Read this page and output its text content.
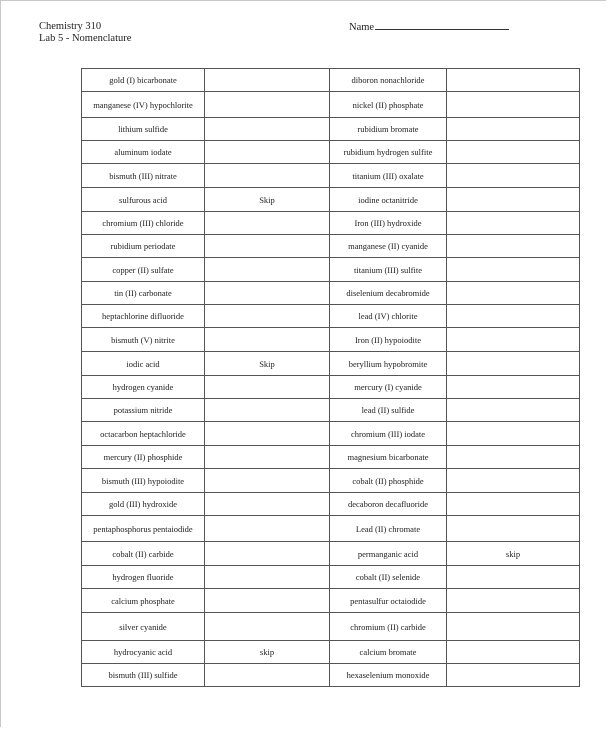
Chemistry 310
Lab 5 - Nomenclature
Name
gold (I) bicarbonate		diboron nonachloride	
manganese (IV) hypochlorite		nickel (II) phosphate	
lithium sulfide		rubidium bromate	
aluminum iodate		rubidium hydrogen sulfite	
bismuth (III) nitrate		titanium (III) oxalate	
sulfurous acid	Skip	iodine octanitride	
chromium (III) chloride		Iron (III) hydroxide	
rubidium periodate		manganese (II) cyanide	
copper (II) sulfate		titanium (III) sulfite	
tin (II) carbonate		diselenium decabromide	
heptachlorine difluoride		lead (IV) chlorite	
bismuth (V) nitrite		Iron (II) hypoiodite	
iodic acid	Skip	beryllium hypobromite	
hydrogen cyanide		mercury (I) cyanide	
potassium nitride		lead (II) sulfide	
octacarbon heptachloride		chromium (III) iodate	
mercury (II) phosphide		magnesium bicarbonate	
bismuth (III) hypoiodite		cobalt (II) phosphide	
gold (III) hydroxide		decaboron decafluoride	
pentaphosphorus pentaiodide		Lead (II) chromate	
cobalt (II) carbide		permanganic acid	skip
hydrogen fluoride		cobalt (II) selenide	
calcium phosphate		pentasulfur octaiodide	
silver cyanide		chromium (II) carbide	
hydrocyanic acid	skip	calcium bromate	
bismuth (III) sulfide		hexaselenium monoxide	
